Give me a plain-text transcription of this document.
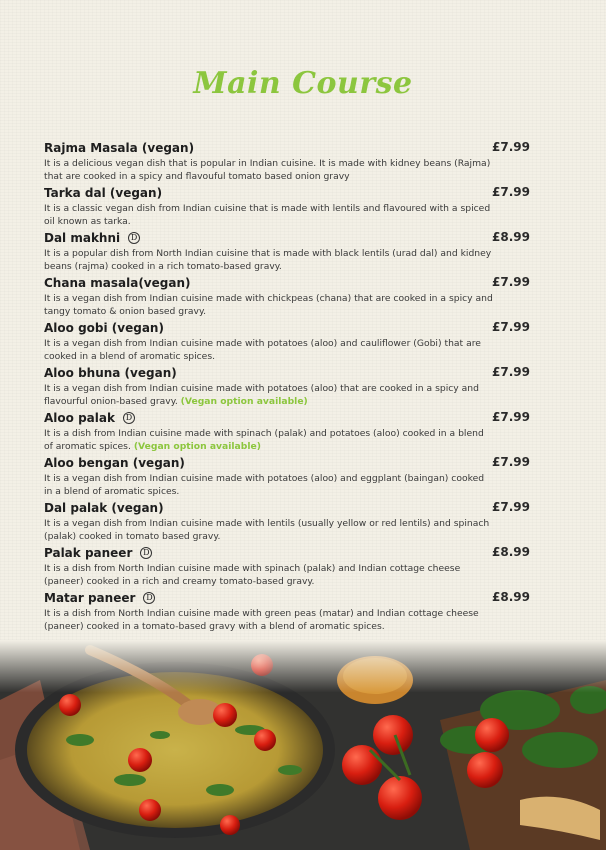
Main Course
Rajma Masala (vegan)	£7.99
It is a delicious vegan dish that is popular in Indian cuisine. It is made with kidney beans (Rajma) that are cooked in a spicy and flavouful tomato based onion gravy
Tarka dal (vegan)	£7.99
It is a classic vegan dish from Indian cuisine that is made with lentils and flavoured with a spiced oil known as tarka.
Dal makhni	D	£8.99
It is a popular dish from North Indian cuisine that is made with black lentils (urad dal) and kidney beans (rajma) cooked in a rich tomato-based gravy.
Chana masala(vegan)	£7.99
It is a vegan dish from Indian cuisine made with chickpeas (chana) that are cooked in a spicy and tangy tomato & onion based gravy.
Aloo gobi (vegan)	£7.99
It is a vegan dish from Indian cuisine made with potatoes (aloo) and cauliflower (Gobi) that are cooked in a blend of aromatic spices.
Aloo bhuna (vegan)	£7.99
It is a vegan dish from Indian cuisine made with potatoes (aloo) that are cooked in a spicy and flavourful onion-based gravy. (Vegan option available)
Aloo palak	D	£7.99
It is a dish from Indian cuisine made with spinach (palak) and potatoes (aloo) cooked in a blend of aromatic spices. (Vegan option available)
Aloo bengan (vegan)	£7.99
It is a vegan dish from Indian cuisine made with potatoes (aloo) and eggplant (baingan) cooked in a blend of aromatic spices.
Dal palak (vegan)	£7.99
It is a vegan dish from Indian cuisine made with lentils (usually yellow or red lentils) and spinach (palak) cooked in tomato based gravy.
Palak paneer	D	£8.99
It is a dish from North Indian cuisine made with spinach (palak) and Indian cottage cheese (paneer) cooked in a rich and creamy tomato-based gravy.
Matar paneer	D	£8.99
It is a dish from North Indian cuisine made with green peas (matar) and Indian cottage cheese (paneer) cooked in a tomato-based gravy with a blend of aromatic spices.
